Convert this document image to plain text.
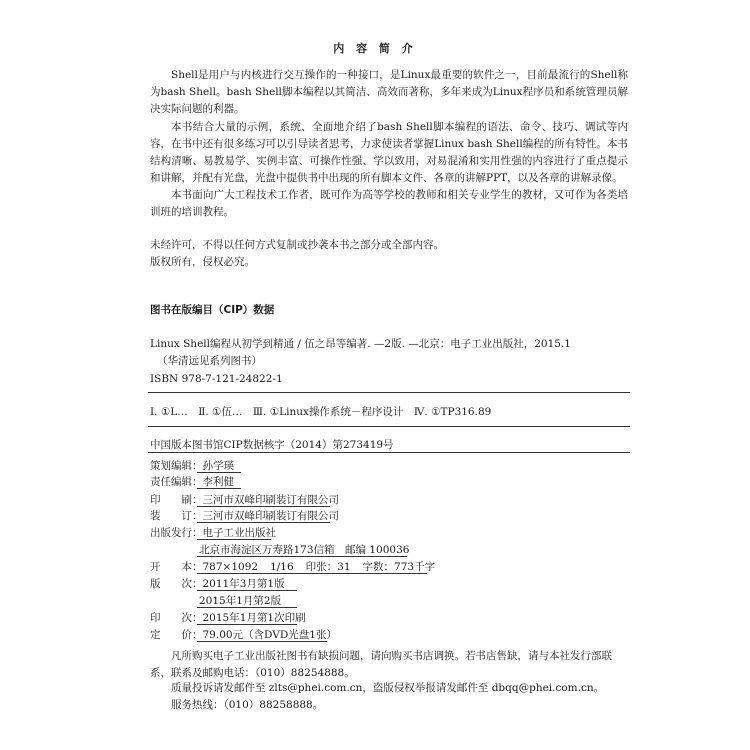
内 容 简 介

Shell是用户与内核进行交互操作的一种接口，是Linux最重要的软件之一，目前最流行的Shell称为bash Shell。bash Shell脚本编程以其简洁、高效而著称，多年来成为Linux程序员和系统管理员解决实际问题的利器。

本书结合大量的示例，系统、全面地介绍了bash Shell脚本编程的语法、命令、技巧、调试等内容，在书中还有很多练习可以引导读者思考，力求使读者掌握Linux bash Shell编程的所有特性。本书结构清晰、易教易学、实例丰富、可操作性强、学以致用，对易混淆和实用性强的内容进行了重点提示和讲解，并配有光盘，光盘中提供书中出现的所有脚本文件、各章的讲解PPT，以及各章的讲解录像。

本书面向广大工程技术工作者，既可作为高等学校的教师和相关专业学生的教材，又可作为各类培训班的培训教程。

未经许可，不得以任何方式复制或抄袭本书之部分或全部内容。

版权所有，侵权必究。

图书在版编目（CIP）数据
Linux Shell编程从初学到精通 / 伍之昂等编著. —2版. —北京：电子工业出版社，2015.1
（华清远见系列图书）
ISBN 978-7-121-24822-1
Ⅰ. ①L…　Ⅱ. ①伍…　Ⅲ. ①Linux操作系统－程序设计　Ⅳ. ①TP316.89
中国版本图书馆CIP数据核字（2014）第273419号
策划编辑：孙学瑛
责任编辑：李利健
印　　刷：三河市双峰印刷装订有限公司
装　　订：三河市双峰印刷装订有限公司
出版发行：电子工业出版社
北京市海淀区万寿路173信箱　邮编 100036
开　　本：787×1092 1/16 印张：31 字数：773千字
版　　次：2011年3月第1版
2015年1月第2版
印　　次：2015年1月第1次印刷
定　　价：79.00元（含DVD光盘1张）

凡所购买电子工业出版社图书有缺损问题，请向购买书店调换。若书店售缺，请与本社发行部联系，联系及邮购电话：（010）88254888。

质量投诉请发邮件至 zlts@phei.com.cn，盗版侵权举报请发邮件至 dbqq@phei.com.cn。

服务热线：（010）88258888。
